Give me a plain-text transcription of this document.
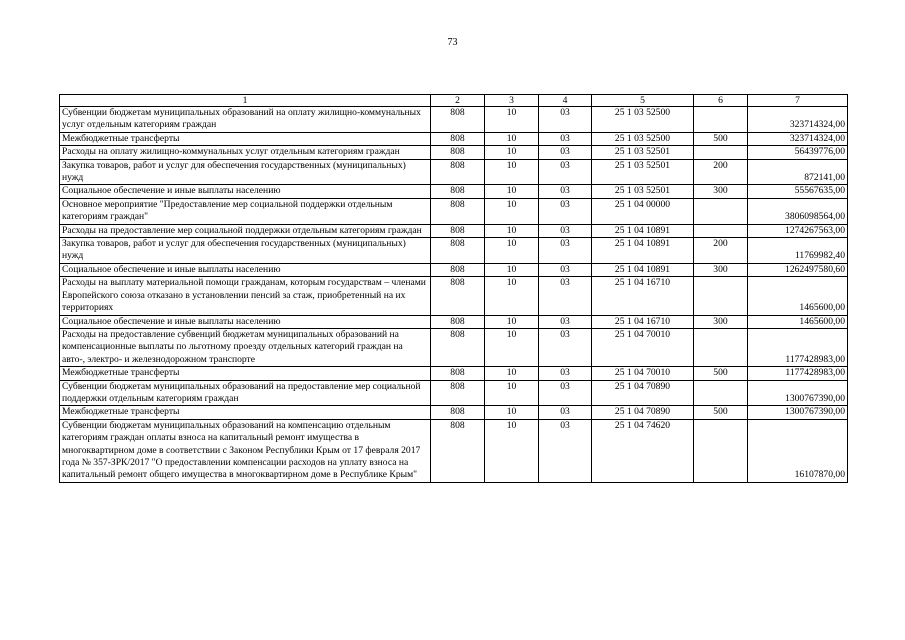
73
1	2	3	4	5	6	7
Субвенции бюджетам муниципальных образований на оплату жилищно-коммунальных услуг отдельным категориям граждан	808	10	03	25 1 03 52500		323714324,00
Межбюджетные трансферты	808	10	03	25 1 03 52500	500	323714324,00
Расходы на оплату жилищно-коммунальных услуг отдельным категориям граждан	808	10	03	25 1 03 52501		56439776,00
Закупка товаров, работ и услуг для обеспечения государственных (муниципальных) нужд	808	10	03	25 1 03 52501	200	872141,00
Социальное обеспечение и иные выплаты населению	808	10	03	25 1 03 52501	300	55567635,00
Основное мероприятие "Предоставление мер социальной поддержки отдельным категориям граждан"	808	10	03	25 1 04 00000		3806098564,00
Расходы на предоставление мер социальной поддержки отдельным категориям граждан	808	10	03	25 1 04 10891		1274267563,00
Закупка товаров, работ и услуг для обеспечения государственных (муниципальных) нужд	808	10	03	25 1 04 10891	200	11769982,40
Социальное обеспечение и иные выплаты населению	808	10	03	25 1 04 10891	300	1262497580,60
Расходы на выплату материальной помощи гражданам, которым государствам – членами Европейского союза отказано в установлении пенсий за стаж, приобретенный на их территориях	808	10	03	25 1 04 16710		1465600,00
Социальное обеспечение и иные выплаты населению	808	10	03	25 1 04 16710	300	1465600,00
Расходы на предоставление субвенций бюджетам муниципальных образований на компенсационные выплаты по льготному проезду отдельных категорий граждан на авто-, электро- и железнодорожном транспорте	808	10	03	25 1 04 70010		1177428983,00
Межбюджетные трансферты	808	10	03	25 1 04 70010	500	1177428983,00
Субвенции бюджетам муниципальных образований на предоставление мер социальной поддержки отдельным категориям граждан	808	10	03	25 1 04 70890		1300767390,00
Межбюджетные трансферты	808	10	03	25 1 04 70890	500	1300767390,00
Субвенции бюджетам муниципальных образований на компенсацию отдельным категориям граждан оплаты взноса на капитальный ремонт имущества в многоквартирном доме в соответствии с Законом Республики Крым от 17 февраля 2017 года № 357-ЗРК/2017 "О предоставлении компенсации расходов на уплату взноса на капитальный ремонт общего имущества в многоквартирном доме в Республике Крым"	808	10	03	25 1 04 74620		16107870,00
